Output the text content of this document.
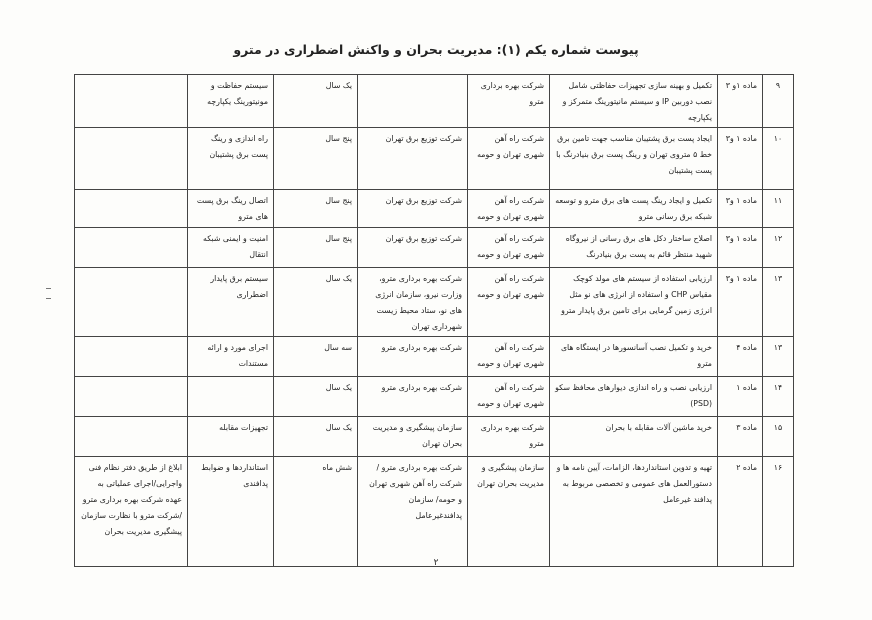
پیوست شماره یکم (۱): مدیریت بحران و واکنش اضطراری در مترو
۹	ماده ۱و ۳	تکمیل و بهینه سازی تجهیزات حفاظتی شامل نصب دوربین IP و سیستم مانیتورینگ متمرکز و یکپارچه	شرکت بهره برداری مترو		یک سال	سیستم حفاظت و مونیتورینگ یکپارچه	
۱۰	ماده ۱ و۳	ایجاد پست برق پشتیبان مناسب جهت تامین برق خط ۵ متروی تهران و رینگ پست برق بنیادرنگ با پست پشتیبان	شرکت راه آهن شهری تهران و حومه	شرکت توزیع برق تهران	پنج سال	راه اندازی و رینگ پست برق پشتیبان	
۱۱	ماده ۱ و۳	تکمیل و ایجاد رینگ پست های برق مترو و توسعه شبکه برق رسانی مترو	شرکت راه آهن شهری تهران و حومه	شرکت توزیع برق تهران	پنج سال	اتصال رینگ برق پست های مترو	
۱۲	ماده ۱ و۳	اصلاح ساختار دکل های برق رسانی از نیروگاه شهید منتظر قائم به پست برق بنیادرنگ	شرکت راه آهن شهری تهران و حومه	شرکت توزیع برق تهران	پنج سال	امنیت و ایمنی شبکه انتقال	
۱۳	ماده ۱ و۳	ارزیابی استفاده از سیستم های مولد کوچک مقیاس CHP و استفاده از انرژی های نو مثل انرژی زمین گرمایی برای تامین برق پایدار مترو	شرکت راه آهن شهری تهران و حومه	شرکت بهره برداری مترو، وزارت نیرو، سازمان انرژی های نو، ستاد محیط زیست شهرداری تهران	یک سال	سیستم برق پایدار اضطراری	
۱۳	ماده ۴	خرید و تکمیل نصب آسانسورها در ایستگاه های مترو	شرکت راه آهن شهری تهران و حومه	شرکت بهره برداری مترو	سه سال	اجرای مورد و ارائه مستندات	
۱۴	ماده ۱	ارزیابی نصب و راه اندازی دیوارهای محافظ سکو (PSD)	شرکت راه آهن شهری تهران و حومه	شرکت بهره برداری مترو	یک سال		
۱۵	ماده ۳	خرید ماشین آلات مقابله با بحران	شرکت بهره برداری مترو	سازمان پیشگیری و مدیریت بحران تهران	یک سال	تجهیزات مقابله	
۱۶	ماده ۲	تهیه و تدوین استانداردها، الزامات، آیین نامه ها و دستورالعمل های عمومی و تخصصی مربوط به پدافند غیرعامل	سازمان پیشگیری و مدیریت بحران تهران	شرکت بهره برداری مترو /شرکت راه آهن شهری تهران و حومه/ سازمان پدافندغیرعامل	شش ماه	استانداردها و ضوابط پدافندی	ابلاغ از طریق دفتر نظام فنی واجرایی/اجرای عملیاتی به عهده شرکت بهره برداری مترو /شرکت مترو با نظارت سازمان پیشگیری مدیریت بحران
۲
